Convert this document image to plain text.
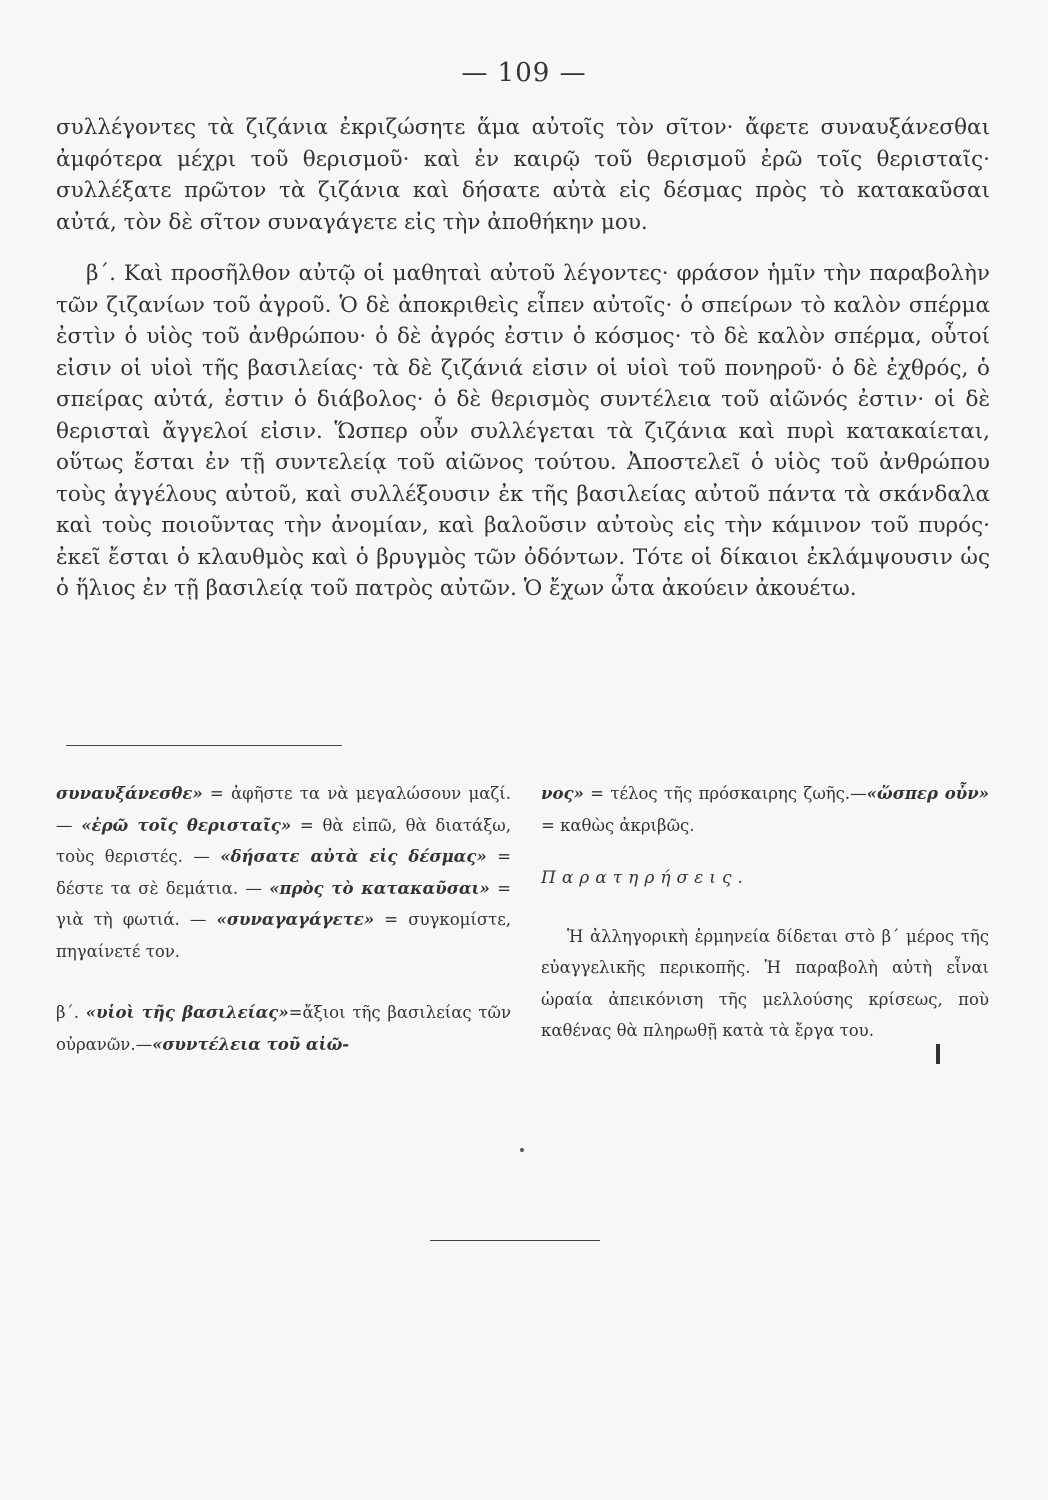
— 109 —

συλλέγοντες τὰ ζιζάνια ἐκριζώσητε ἅμα αὐτοῖς τὸν σῖτον· ἄφετε συναυξάνεσθαι ἀμφότερα μέχρι τοῦ θερισμοῦ· καὶ ἐν καιρῷ τοῦ θερισμοῦ ἐρῶ τοῖς θερισταῖς· συλλέξατε πρῶτον τὰ ζιζάνια καὶ δήσατε αὐτὰ εἰς δέσμας πρὸς τὸ κατακαῦσαι αὐτά, τὸν δὲ σῖτον συναγάγετε εἰς τὴν ἀποθήκην μου.

β΄. Καὶ προσῆλθον αὐτῷ οἱ μαθηταὶ αὐτοῦ λέγοντες· φράσον ἡμῖν τὴν παραβολὴν τῶν ζιζανίων τοῦ ἀγροῦ. Ὁ δὲ ἀποκριθεὶς εἶπεν αὐτοῖς· ὁ σπείρων τὸ καλὸν σπέρμα ἐστὶν ὁ υἱὸς τοῦ ἀνθρώπου· ὁ δὲ ἀγρός ἐστιν ὁ κόσμος· τὸ δὲ καλὸν σπέρμα, οὗτοί εἰσιν οἱ υἱοὶ τῆς βασιλείας· τὰ δὲ ζιζάνιά εἰσιν οἱ υἱοὶ τοῦ πονηροῦ· ὁ δὲ ἐχθρός, ὁ σπείρας αὐτά, ἐστιν ὁ διάβολος· ὁ δὲ θερισμὸς συντέλεια τοῦ αἰῶνός ἐστιν· οἱ δὲ θερισταὶ ἄγγελοί εἰσιν. Ὥσπερ οὖν συλλέγεται τὰ ζιζάνια καὶ πυρὶ κατακαίεται, οὕτως ἔσται ἐν τῇ συντελείᾳ τοῦ αἰῶνος τούτου. Ἀποστελεῖ ὁ υἱὸς τοῦ ἀνθρώπου τοὺς ἀγγέλους αὐτοῦ, καὶ συλλέξουσιν ἐκ τῆς βασιλείας αὐτοῦ πάντα τὰ σκάνδαλα καὶ τοὺς ποιοῦντας τὴν ἀνομίαν, καὶ βαλοῦσιν αὐτοὺς εἰς τὴν κάμινον τοῦ πυρός· ἐκεῖ ἔσται ὁ κλαυθμὸς καὶ ὁ βρυγμὸς τῶν ὀδόντων. Τότε οἱ δίκαιοι ἐκλάμψουσιν ὡς ὁ ἥλιος ἐν τῇ βασιλείᾳ τοῦ πατρὸς αὐτῶν. Ὁ ἔχων ὦτα ἀκούειν ἀκουέτω.

συναυξάνεσθε» = ἀφῆστε τα νὰ μεγαλώσουν μαζί. — «ἐρῶ τοῖς θερισταῖς» = θὰ εἰπῶ, θὰ διατάξω, τοὺς θεριστές. — «δήσατε αὐτὰ εἰς δέσμας» = δέστε τα σὲ δεμάτια. — «πρὸς τὸ κατακαῦσαι» = γιὰ τὴ φωτιά. — «συναγαγάγετε» = συγκομίστε, πηγαίνετέ τον.

β΄. «υἱοὶ τῆς βασιλείας»=ἄξιοι τῆς βασιλείας τῶν οὐρανῶν.—«συντέλεια τοῦ αἰῶ-

νος» = τέλος τῆς πρόσκαιρης ζωῆς.—«ὥσπερ οὖν» = καθὼς ἀκριβῶς.

Παρατηρήσεις.

Ἡ ἀλληγορικὴ ἑρμηνεία δίδεται στὸ β΄ μέρος τῆς εὐαγγελικῆς περικοπῆς. Ἡ παραβολὴ αὐτὴ εἶναι ὡραία ἀπεικόνιση τῆς μελλούσης κρίσεως, ποὺ καθένας θὰ πληρωθῇ κατὰ τὰ ἔργα του.
